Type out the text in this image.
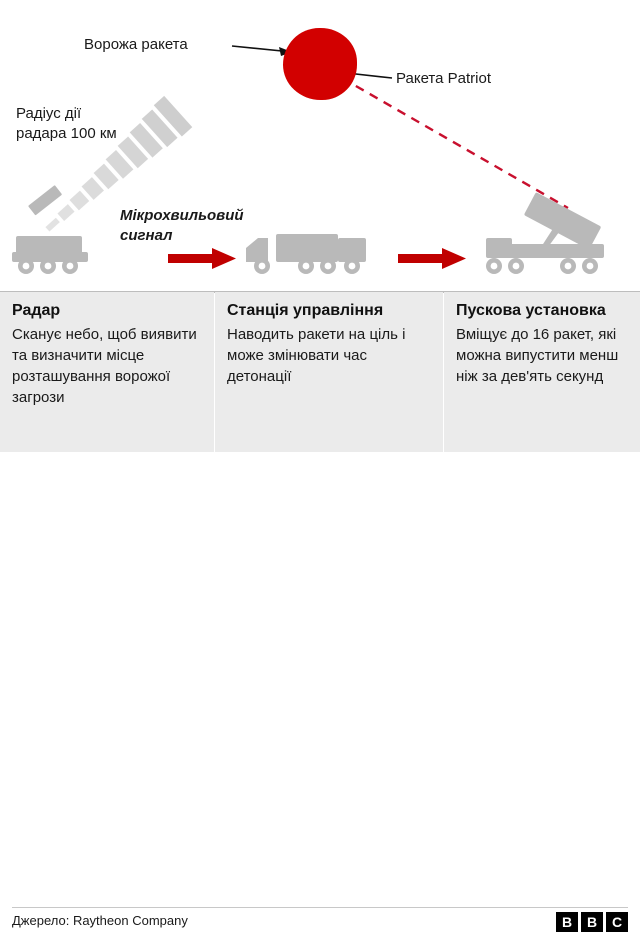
Ворожа ракета
Ракета Patriot
Радіус дії
радара 100 км
Мікрохвильовий
сигнал
Радар

Сканує небо, щоб виявити та визначити місце розташування ворожої загрози

Станція управління

Наводить ракети на ціль і може змінювати час детонації

Пускова установка

Вміщує до 16 ракет, які можна випустити менш ніж за дев'ять секунд

Джерело: Raytheon Company	B	B	C
